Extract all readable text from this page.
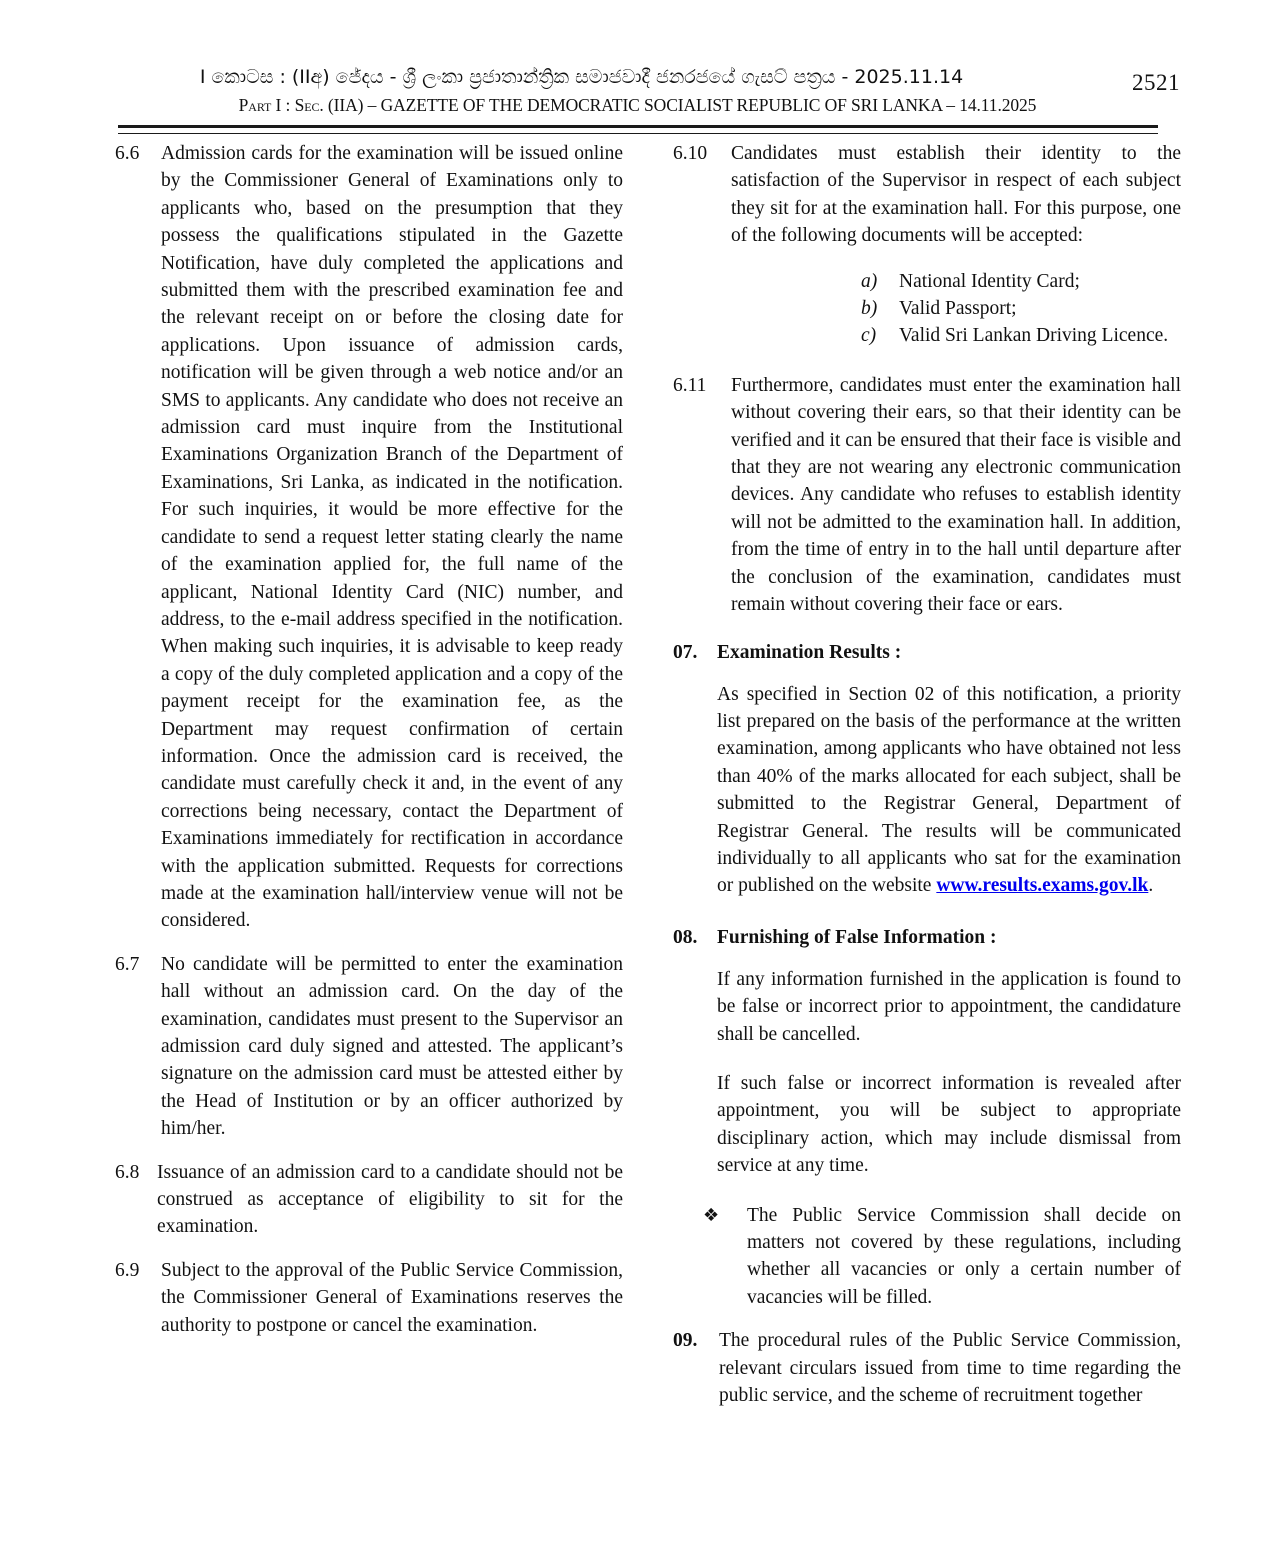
I කොටස : (IIඅ) ජේදය - ශ්‍රී ලංකා ප්‍රජාතාන්ත්‍රික සමාජවාදී ජනරජයේ ගැසට් පත්‍රය - 2025.11.14
Part I : Sec. (IIA) – GAZETTE OF THE DEMOCRATIC SOCIALIST REPUBLIC OF SRI LANKA – 14.11.2025
2521
6.6	Admission cards for the examination will be issued online by the Commissioner General of Examinations only to applicants who, based on the presumption that they possess the qualifications stipulated in the Gazette Notification, have duly completed the applications and submitted them with the prescribed examination fee and the relevant receipt on or before the closing date for applications. Upon issuance of admission cards, notification will be given through a web notice and/or an SMS to applicants. Any candidate who does not receive an admission card must inquire from the Institutional Examinations Organization Branch of the Department of Examinations, Sri Lanka, as indicated in the notification. For such inquiries, it would be more effective for the candidate to send a request letter stating clearly the name of the examination applied for, the full name of the applicant, National Identity Card (NIC) number, and address, to the e-mail address specified in the notification. When making such inquiries, it is advisable to keep ready a copy of the duly completed application and a copy of the payment receipt for the examination fee, as the Department may request confirmation of certain information. Once the admission card is received, the candidate must carefully check it and, in the event of any corrections being necessary, contact the Department of Examinations immediately for rectification in accordance with the application submitted. Requests for corrections made at the examination hall/interview venue will not be considered.
6.7	No candidate will be permitted to enter the examination hall without an admission card. On the day of the examination, candidates must present to the Supervisor an admission card duly signed and attested. The applicant’s signature on the admission card must be attested either by the Head of Institution or by an officer authorized by him/her.
6.8 Issuance of an admission card to a candidate should not be construed as acceptance of eligibility to sit for the examination.
6.9	Subject to the approval of the Public Service Commission, the Commissioner General of Examinations reserves the authority to postpone or cancel the examination.
6.10	Candidates must establish their identity to the satisfaction of the Supervisor in respect of each subject they sit for at the examination hall. For this purpose, one of the following documents will be accepted:
a)	National Identity Card;
b)	Valid Passport;
c)	Valid Sri Lankan Driving Licence.
6.11	Furthermore, candidates must enter the examination hall without covering their ears, so that their identity can be verified and it can be ensured that their face is visible and that they are not wearing any electronic communication devices. Any candidate who refuses to establish identity will not be admitted to the examination hall. In addition, from the time of entry in to the hall until departure after the conclusion of the examination, candidates must remain without covering their face or ears.
07.	Examination Results :

As specified in Section 02 of this notification, a priority list prepared on the basis of the performance at the written examination, among applicants who have obtained not less than 40% of the marks allocated for each subject, shall be submitted to the Registrar General, Department of Registrar General. The results will be communicated individually to all applicants who sat for the examination or published on the website www.results.exams.gov.lk.

08.	Furnishing of False Information :

If any information furnished in the application is found to be false or incorrect prior to appointment, the candidature shall be cancelled.

If such false or incorrect information is revealed after appointment, you will be subject to appropriate disciplinary action, which may include dismissal from service at any time.

❖	The Public Service Commission shall decide on matters not covered by these regulations, including whether all vacancies or only a certain number of vacancies will be filled.
09.	The procedural rules of the Public Service Commission, relevant circulars issued from time to time regarding the public service, and the scheme of recruitment together
